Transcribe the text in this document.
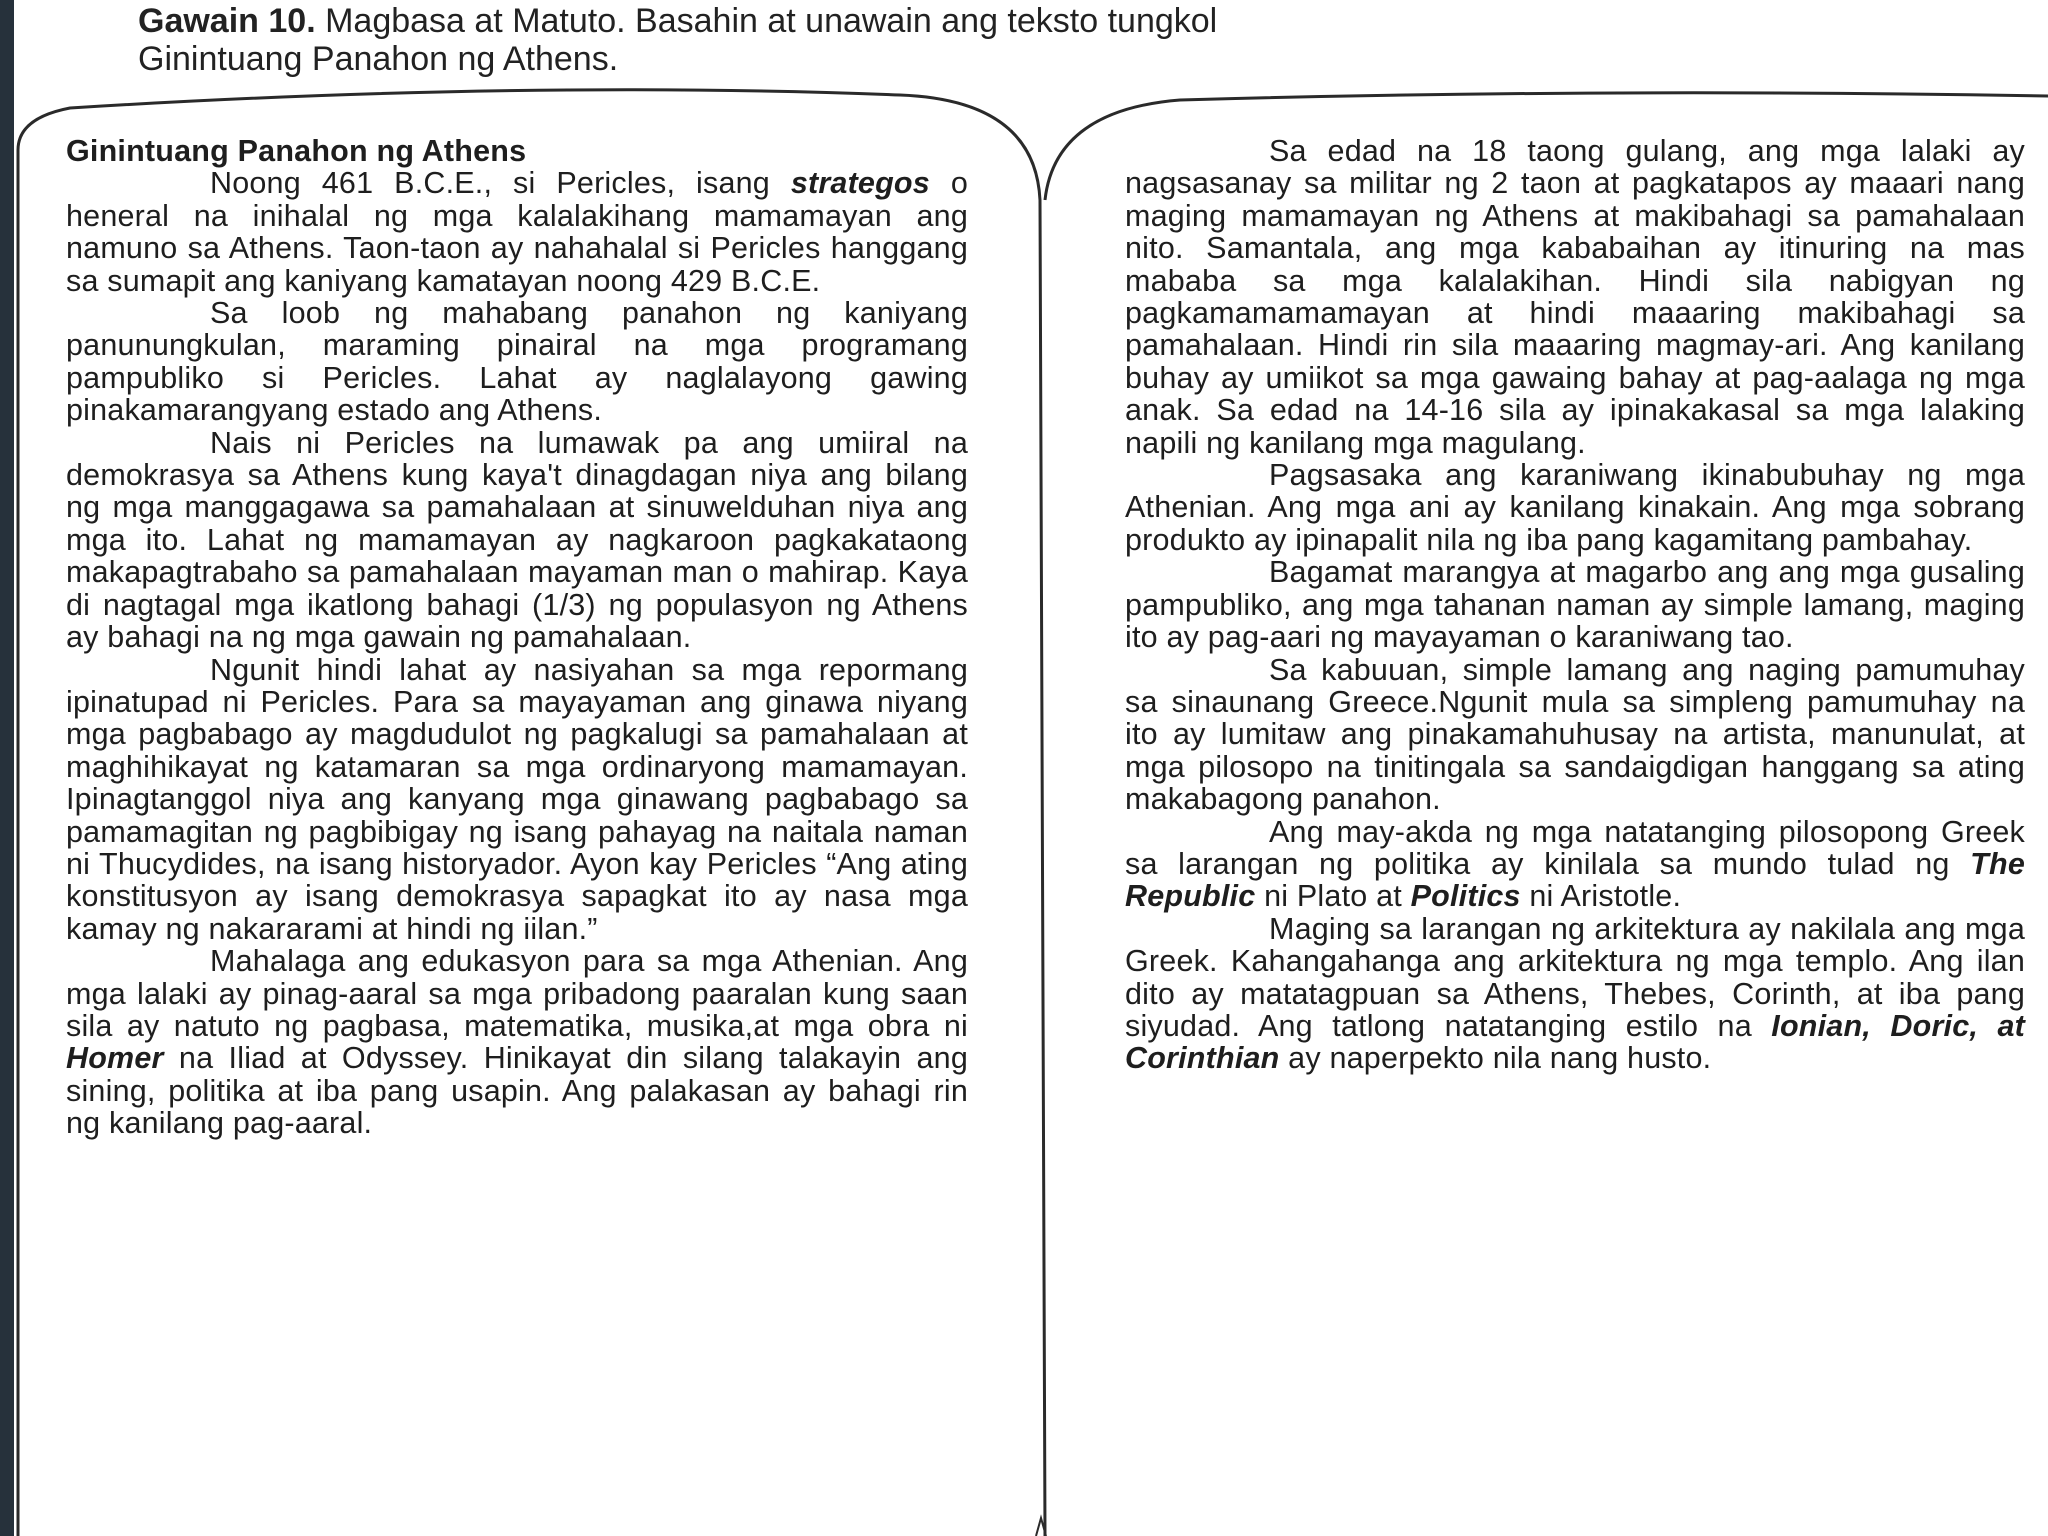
Gawain 10. Magbasa at Matuto. Basahin at unawain ang teksto tungkol
Ginintuang Panahon ng Athens.
Ginintuang Panahon ng Athens

Noong 461 B.C.E., si Pericles, isang strategos o heneral na inihalal ng mga kalalakihang mamamayan ang namuno sa Athens. Taon-taon ay nahahalal si Pericles hanggang sa sumapit ang kaniyang kamatayan noong 429 B.C.E.

Sa loob ng mahabang panahon ng kaniyang panunungkulan, maraming pinairal na mga programang pampubliko si Pericles. Lahat ay naglalayong gawing pinakamarangyang estado ang Athens.

Nais ni Pericles na lumawak pa ang umiiral na demokrasya sa Athens kung kaya't dinagdagan niya ang bilang ng mga manggagawa sa pamahalaan at sinuwelduhan niya ang mga ito. Lahat ng mamamayan ay nagkaroon pagkakataong makapagtrabaho sa pamahalaan mayaman man o mahirap. Kaya di nagtagal mga ikatlong bahagi (1/3) ng populasyon ng Athens ay bahagi na ng mga gawain ng pamahalaan.

Ngunit hindi lahat ay nasiyahan sa mga repormang ipinatupad ni Pericles. Para sa mayayaman ang ginawa niyang mga pagbabago ay magdudulot ng pagkalugi sa pamahalaan at maghihikayat ng katamaran sa mga ordinaryong mamamayan. Ipinagtanggol niya ang kanyang mga ginawang pagbabago sa pamamagitan ng pagbibigay ng isang pahayag na naitala naman ni Thucydides, na isang historyador. Ayon kay Pericles “Ang ating konstitusyon ay isang demokrasya sapagkat ito ay nasa mga kamay ng nakararami at hindi ng iilan.”

Mahalaga ang edukasyon para sa mga Athenian. Ang mga lalaki ay pinag-aaral sa mga pribadong paaralan kung saan sila ay natuto ng pagbasa, matematika, musika,at mga obra ni Homer na Iliad at Odyssey. Hinikayat din silang talakayin ang sining, politika at iba pang usapin. Ang palakasan ay bahagi rin ng kanilang pag-aaral.

Sa edad na 18 taong gulang, ang mga lalaki ay nagsasanay sa militar ng 2 taon at pagkatapos ay maaari nang maging mamamayan ng Athens at makibahagi sa pamahalaan nito. Samantala, ang mga kababaihan ay itinuring na mas mababa sa mga kalalakihan. Hindi sila nabigyan ng pagkamamamamayan at hindi maaaring makibahagi sa pamahalaan. Hindi rin sila maaaring magmay-ari. Ang kanilang buhay ay umiikot sa mga gawaing bahay at pag-aalaga ng mga anak. Sa edad na 14-16 sila ay ipinakakasal sa mga lalaking napili ng kanilang mga magulang.

Pagsasaka ang karaniwang ikinabubuhay ng mga Athenian. Ang mga ani ay kanilang kinakain. Ang mga sobrang produkto ay ipinapalit nila ng iba pang kagamitang pambahay.

Bagamat marangya at magarbo ang ang mga gusaling pampubliko, ang mga tahanan naman ay simple lamang, maging ito ay pag-aari ng mayayaman o karaniwang tao.

Sa kabuuan, simple lamang ang naging pamumuhay sa sinaunang Greece.Ngunit mula sa simpleng pamumuhay na ito ay lumitaw ang pinakamahuhusay na artista, manunulat, at mga pilosopo na tinitingala sa sandaigdigan hanggang sa ating makabagong panahon.

Ang may-akda ng mga natatanging pilosopong Greek sa larangan ng politika ay kinilala sa mundo tulad ng The Republic ni Plato at Politics ni Aristotle.

Maging sa larangan ng arkitektura ay nakilala ang mga Greek. Kahangahanga ang arkitektura ng mga templo. Ang ilan dito ay matatagpuan sa Athens, Thebes, Corinth, at iba pang siyudad. Ang tatlong natatanging estilo na Ionian, Doric, at Corinthian ay naperpekto nila nang husto.
